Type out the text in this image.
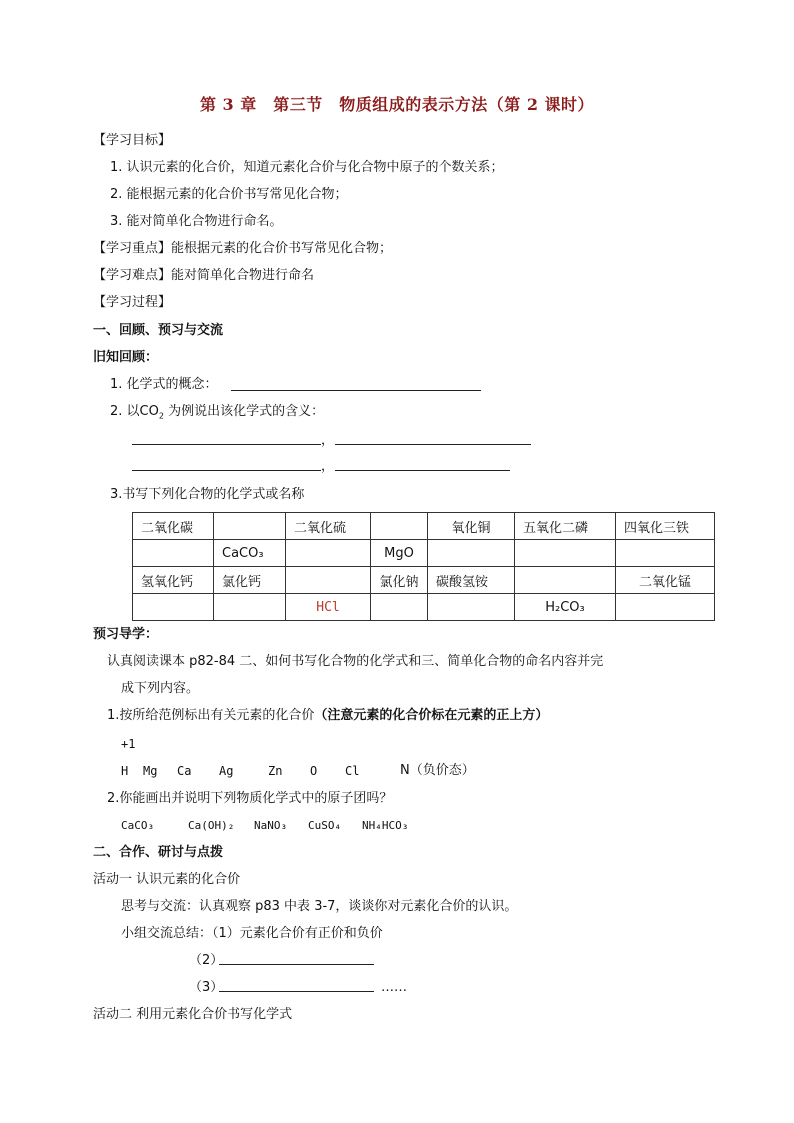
第 3 章　第三节　物质组成的表示方法（第 2 课时）
【学习目标】
1. 认识元素的化合价，知道元素化合价与化合物中原子的个数关系；
2. 能根据元素的化合价书写常见化合物；
3. 能对简单化合物进行命名。
【学习重点】能根据元素的化合价书写常见化合物；
【学习难点】能对简单化合物进行命名
【学习过程】
一、回顾、预习与交流
旧知回顾：
1. 化学式的概念：
2. 以$CO_2$ 为例说出该化学式的含义：
，
，
3.书写下列化合物的化学式或名称
二氧化碳		二氧化硫		氧化铜	五氧化二磷	四氧化三铁
	CaCO₃		MgO			
氢氧化钙	氯化钙		氯化钠	碳酸氢铵		二氧化锰
		HCl			H₂CO₃	
预习导学：
认真阅读课本 p82-84 二、如何书写化合物的化学式和三、简单化合物的命名内容并完
成下列内容。
1.按所给范例标出有关元素的化合价（注意元素的化合价标在元素的正上方）
+1
H Mg Ca Ag	Zn O Cl	N（负价态）
2.你能画出并说明下列物质化学式中的原子团吗？
CaCO₃	Ca(OH)₂ NaNO₃ CuSO₄ NH₄HCO₃
二、合作、研讨与点拨
活动一 认识元素的化合价
思考与交流：认真观察 p83 中表 3-7，谈谈你对元素化合价的认识。
小组交流总结：（1）元素化合价有正价和负价
（2）
（3）	……
活动二 利用元素化合价书写化学式
